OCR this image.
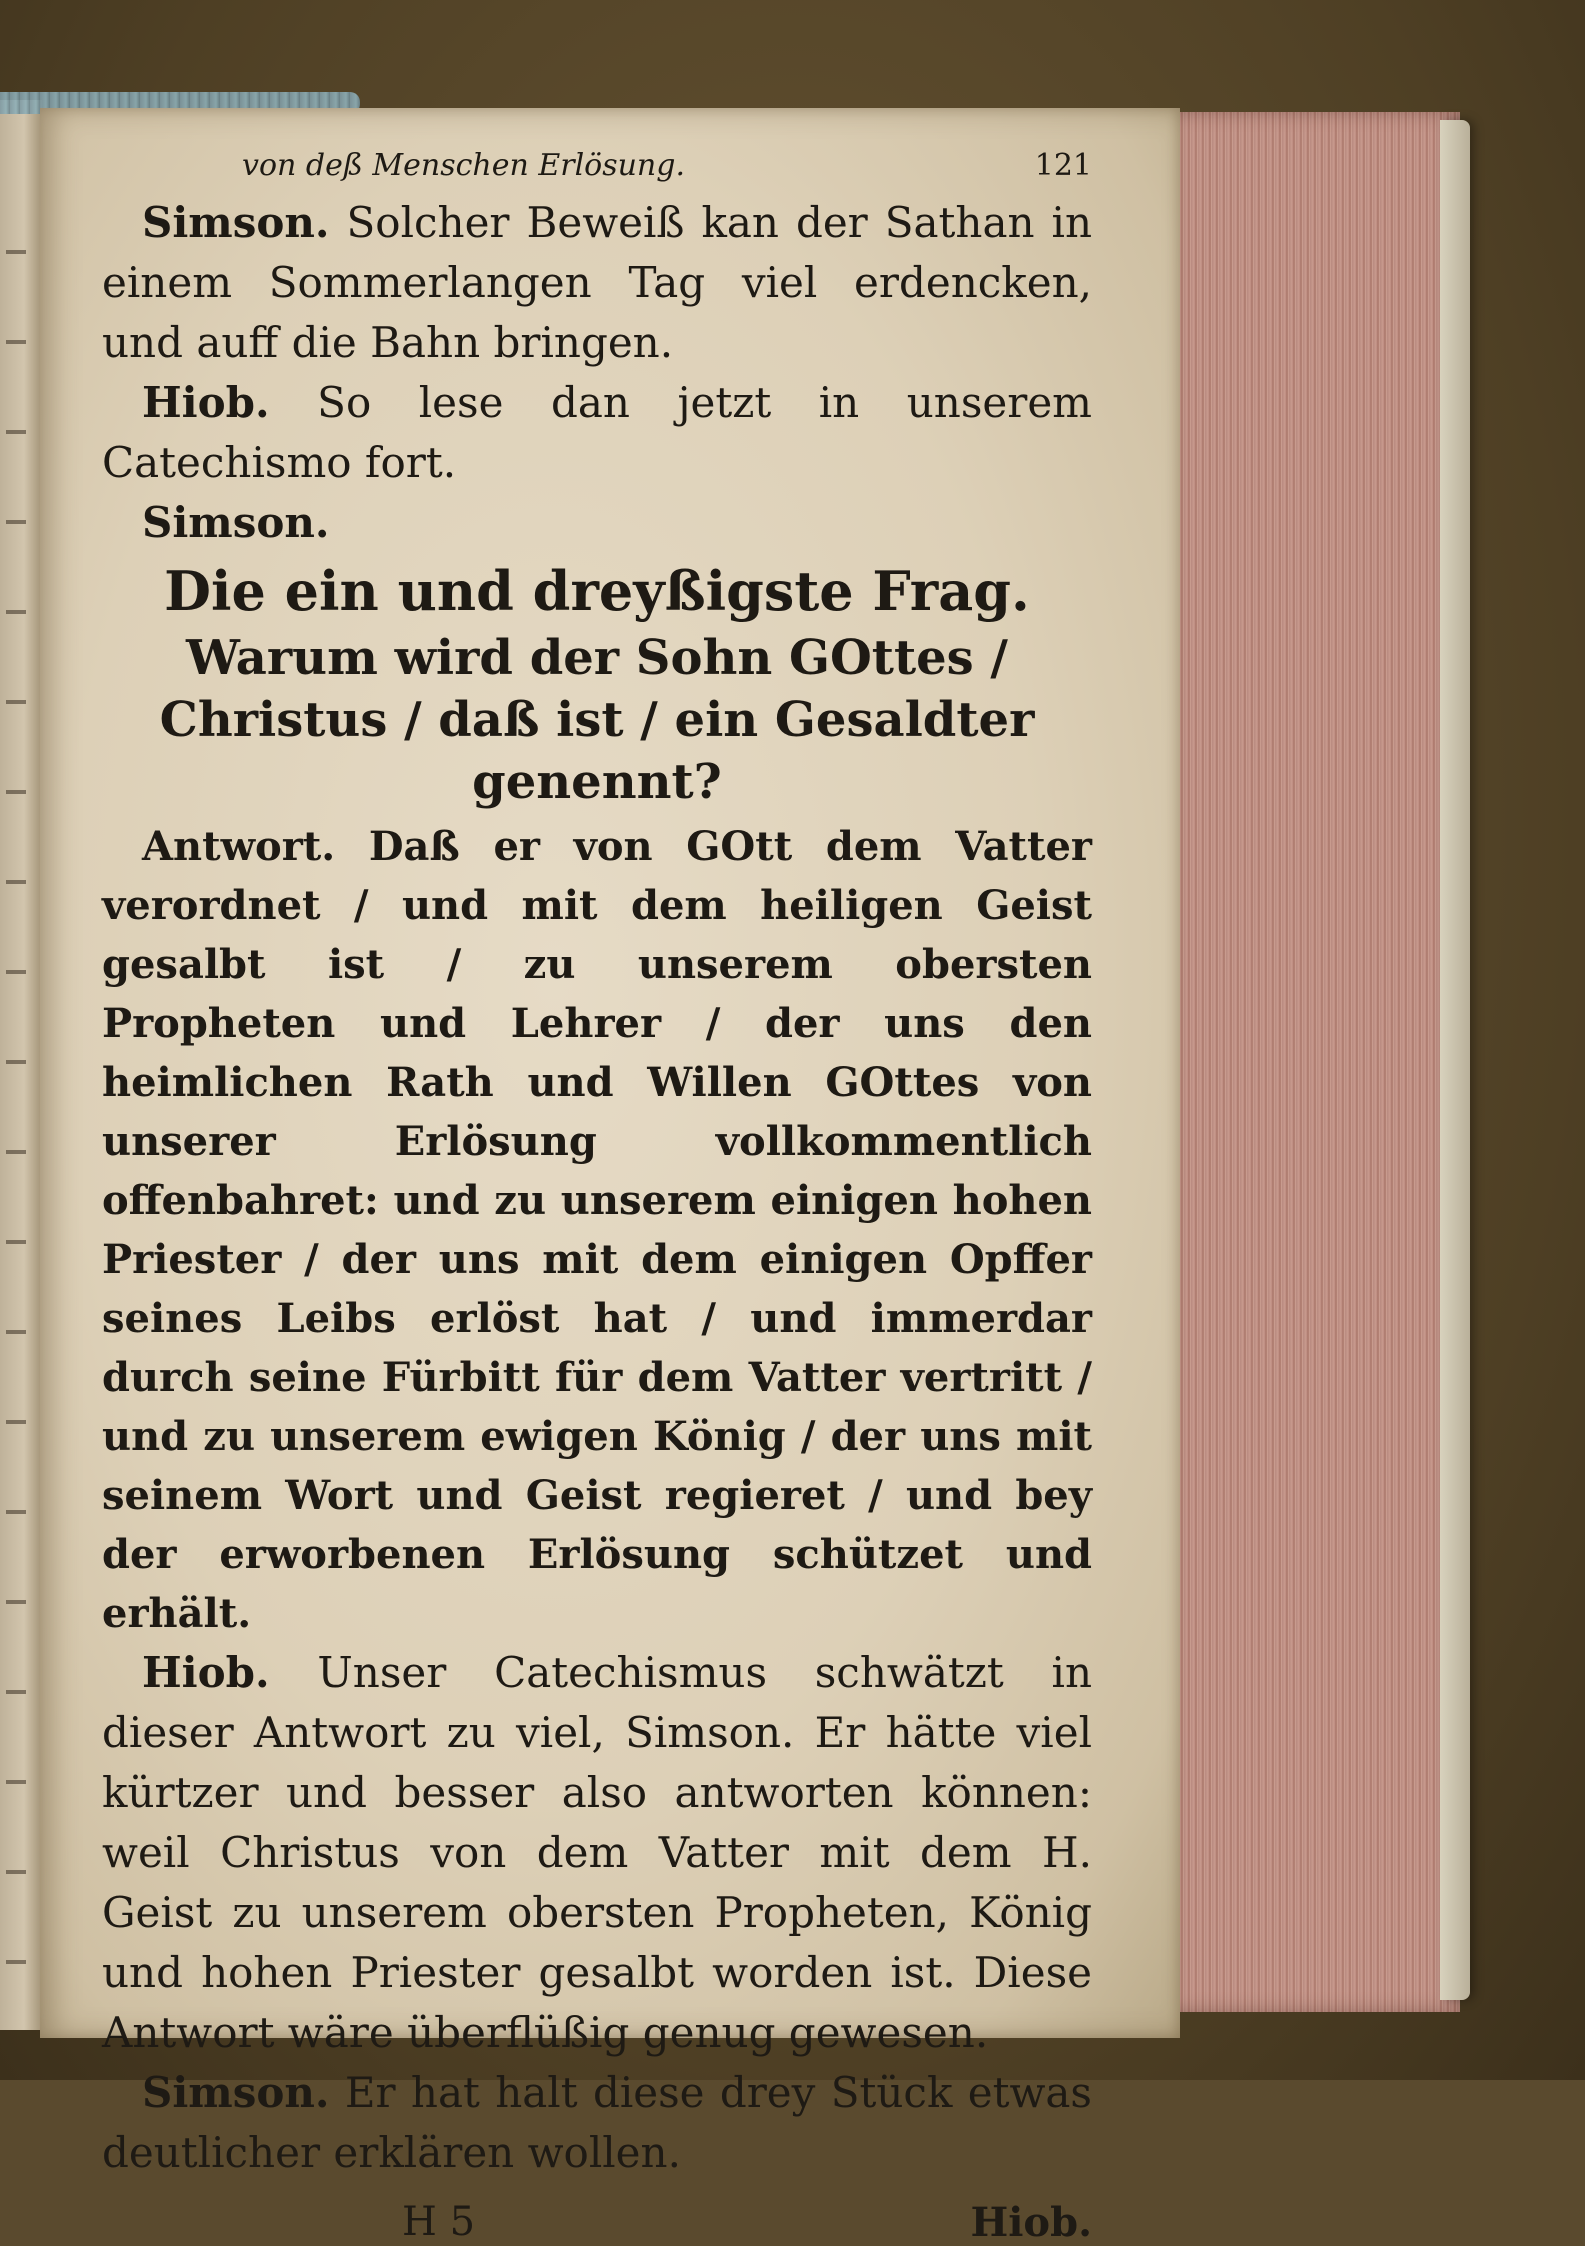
von deß Menschen Erlösung.	121

Simson. Solcher Beweiß kan der Sathan in einem Sommerlangen Tag viel erdencken, und auff die Bahn bringen.

Hiob. So lese dan jetzt in unserem Catechismo fort.

Simson.

Die ein und dreyßigste Frag.
Warum wird der Sohn GOttes / Christus / daß ist / ein Gesaldter genennt?

Antwort. Daß er von GOtt dem Vatter verordnet / und mit dem heiligen Geist gesalbt ist / zu unserem obersten Propheten und Lehrer / der uns den heimlichen Rath und Willen GOttes von unserer Erlösung vollkommentlich offenbahret: und zu unserem einigen hohen Priester / der uns mit dem einigen Opffer seines Leibs erlöst hat / und immerdar durch seine Fürbitt für dem Vatter vertritt / und zu unserem ewigen König / der uns mit seinem Wort und Geist regieret / und bey der erworbenen Erlösung schützet und erhält.

Hiob. Unser Catechismus schwätzt in dieser Antwort zu viel, Simson. Er hätte viel kürtzer und besser also antworten können: weil Christus von dem Vatter mit dem H. Geist zu unserem obersten Propheten, König und hohen Priester gesalbt worden ist. Diese Antwort wäre überflüßig genug gewesen.

Simson. Er hat halt diese drey Stück etwas deutlicher erklären wollen.

H 5	Hiob.
